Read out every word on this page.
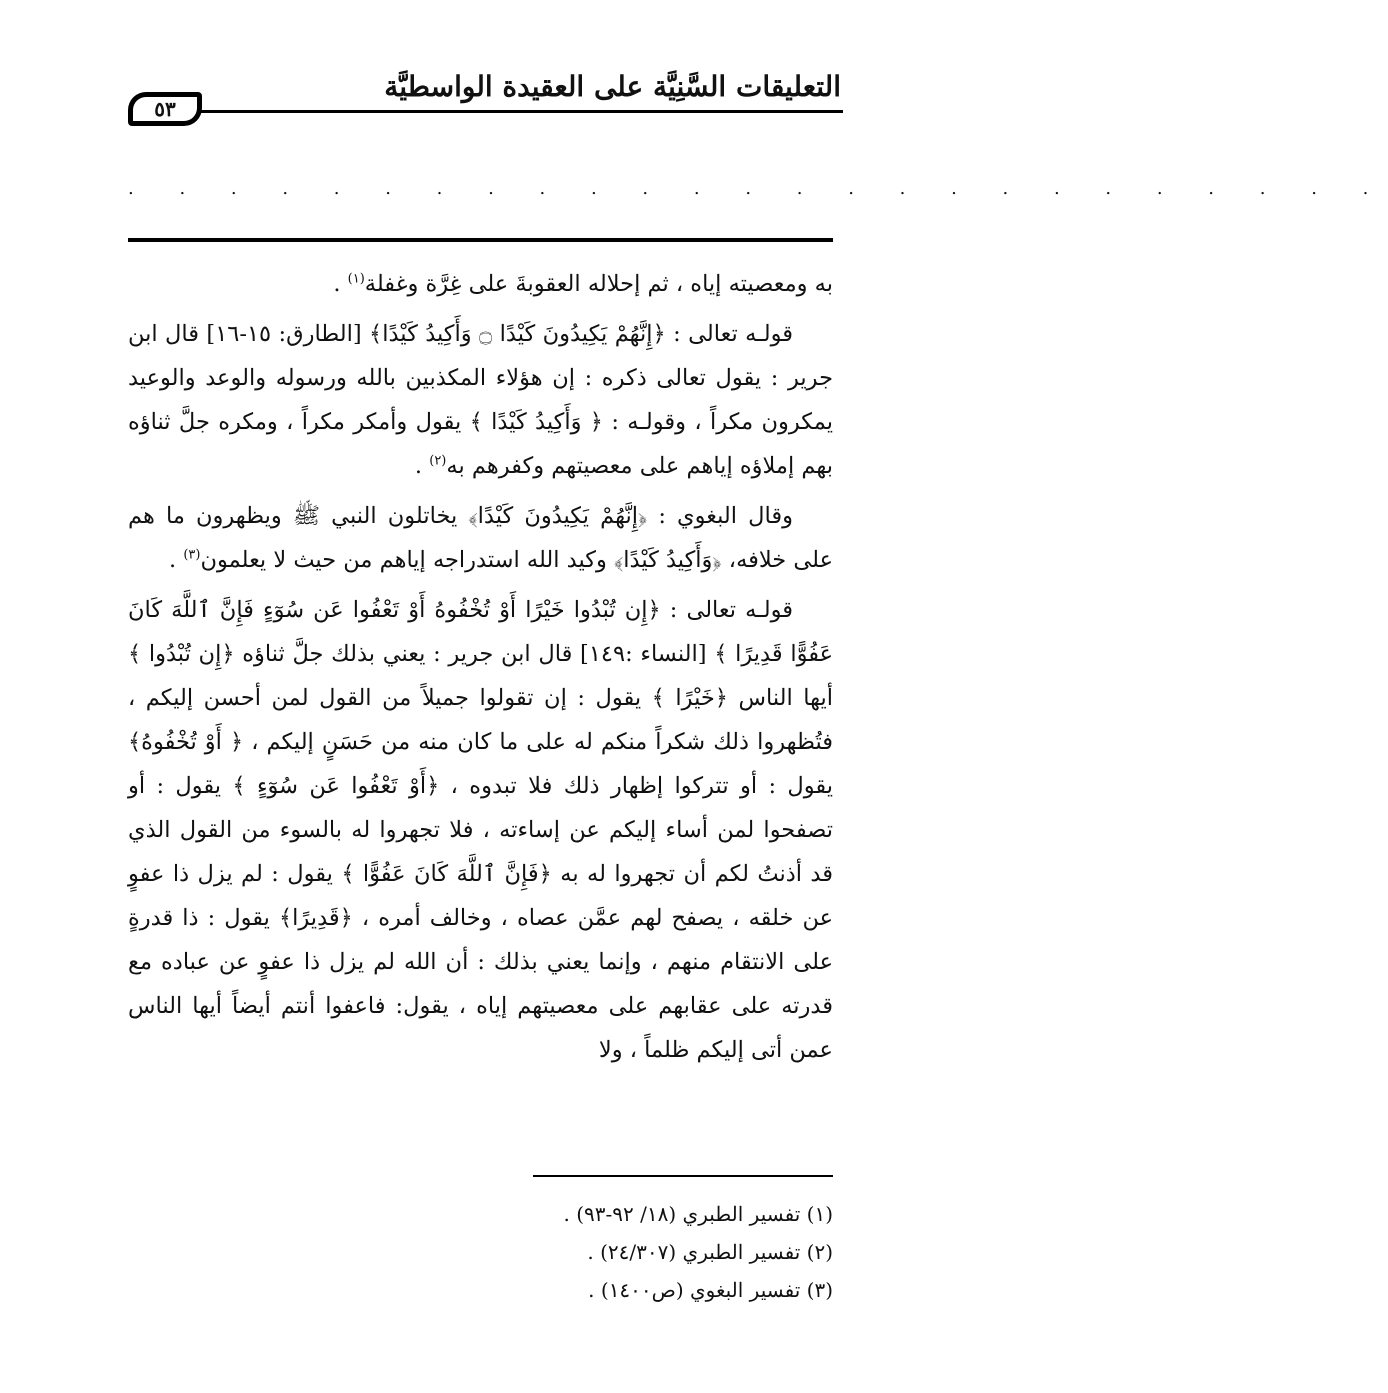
التعليقات السَّنِيَّة على العقيدة الواسطيَّة
٥٣
. . . . . . . . . . . . . . . . . . . . . . . . .

به ومعصيته إياه ، ثم إحلاله العقوبةَ على غِرَّة وغفلة$^{(١)}$ .

قولـه تعالى : ﴿إِنَّهُمْ يَكِيدُونَ كَيْدًا ۝ وَأَكِيدُ كَيْدًا﴾ [الطارق: ١٥-١٦] قال ابن جرير : يقول تعالى ذكره : إن هؤلاء المكذبين بالله ورسوله والوعد والوعيد يمكرون مكراً ، وقولـه : ﴿ وَأَكِيدُ كَيْدًا ﴾ يقول وأمكر مكراً ، ومكره جلَّ ثناؤه بهم إملاؤه إياهم على معصيتهم وكفرهم به$^{(٢)}$ .

وقال البغوي : ﴿إِنَّهُمْ يَكِيدُونَ كَيْدًا﴾ يخاتلون النبي ﷺ ويظهرون ما هم على خلافه، ﴿وَأَكِيدُ كَيْدًا﴾ وكيد الله استدراجه إياهم من حيث لا يعلمون$^{(٣)}$ .

قولـه تعالى : ﴿إِن تُبْدُوا خَيْرًا أَوْ تُخْفُوهُ أَوْ تَعْفُوا عَن سُوٓءٍ فَإِنَّ ٱللَّهَ كَانَ عَفُوًّا قَدِيرًا ﴾ [النساء :١٤٩] قال ابن جرير : يعني بذلك جلَّ ثناؤه ﴿إِن تُبْدُوا ﴾ أيها الناس ﴿خَيْرًا ﴾ يقول : إن تقولوا جميلاً من القول لمن أحسن إليكم ، فتُظهروا ذلك شكراً منكم له على ما كان منه من حَسَنٍ إليكم ، ﴿ أَوْ تُخْفُوهُ﴾ يقول : أو تتركوا إظهار ذلك فلا تبدوه ، ﴿أَوْ تَعْفُوا عَن سُوٓءٍ ﴾ يقول : أو تصفحوا لمن أساء إليكم عن إساءته ، فلا تجهروا له بالسوء من القول الذي قد أذنتُ لكم أن تجهروا له به ﴿فَإِنَّ ٱللَّهَ كَانَ عَفُوًّا ﴾ يقول : لم يزل ذا عفوٍ عن خلقه ، يصفح لهم عمَّن عصاه ، وخالف أمره ، ﴿قَدِيرًا﴾ يقول : ذا قدرةٍ على الانتقام منهم ، وإنما يعني بذلك : أن الله لم يزل ذا عفوٍ عن عباده مع قدرته على عقابهم على معصيتهم إياه ، يقول: فاعفوا أنتم أيضاً أيها الناس عمن أتى إليكم ظلماً ، ولا

(١) تفسير الطبري (١٨/ ٩٢-٩٣) .
(٢) تفسير الطبري (٢٤/٣٠٧) .
(٣) تفسير البغوي (ص١٤٠٠) .
